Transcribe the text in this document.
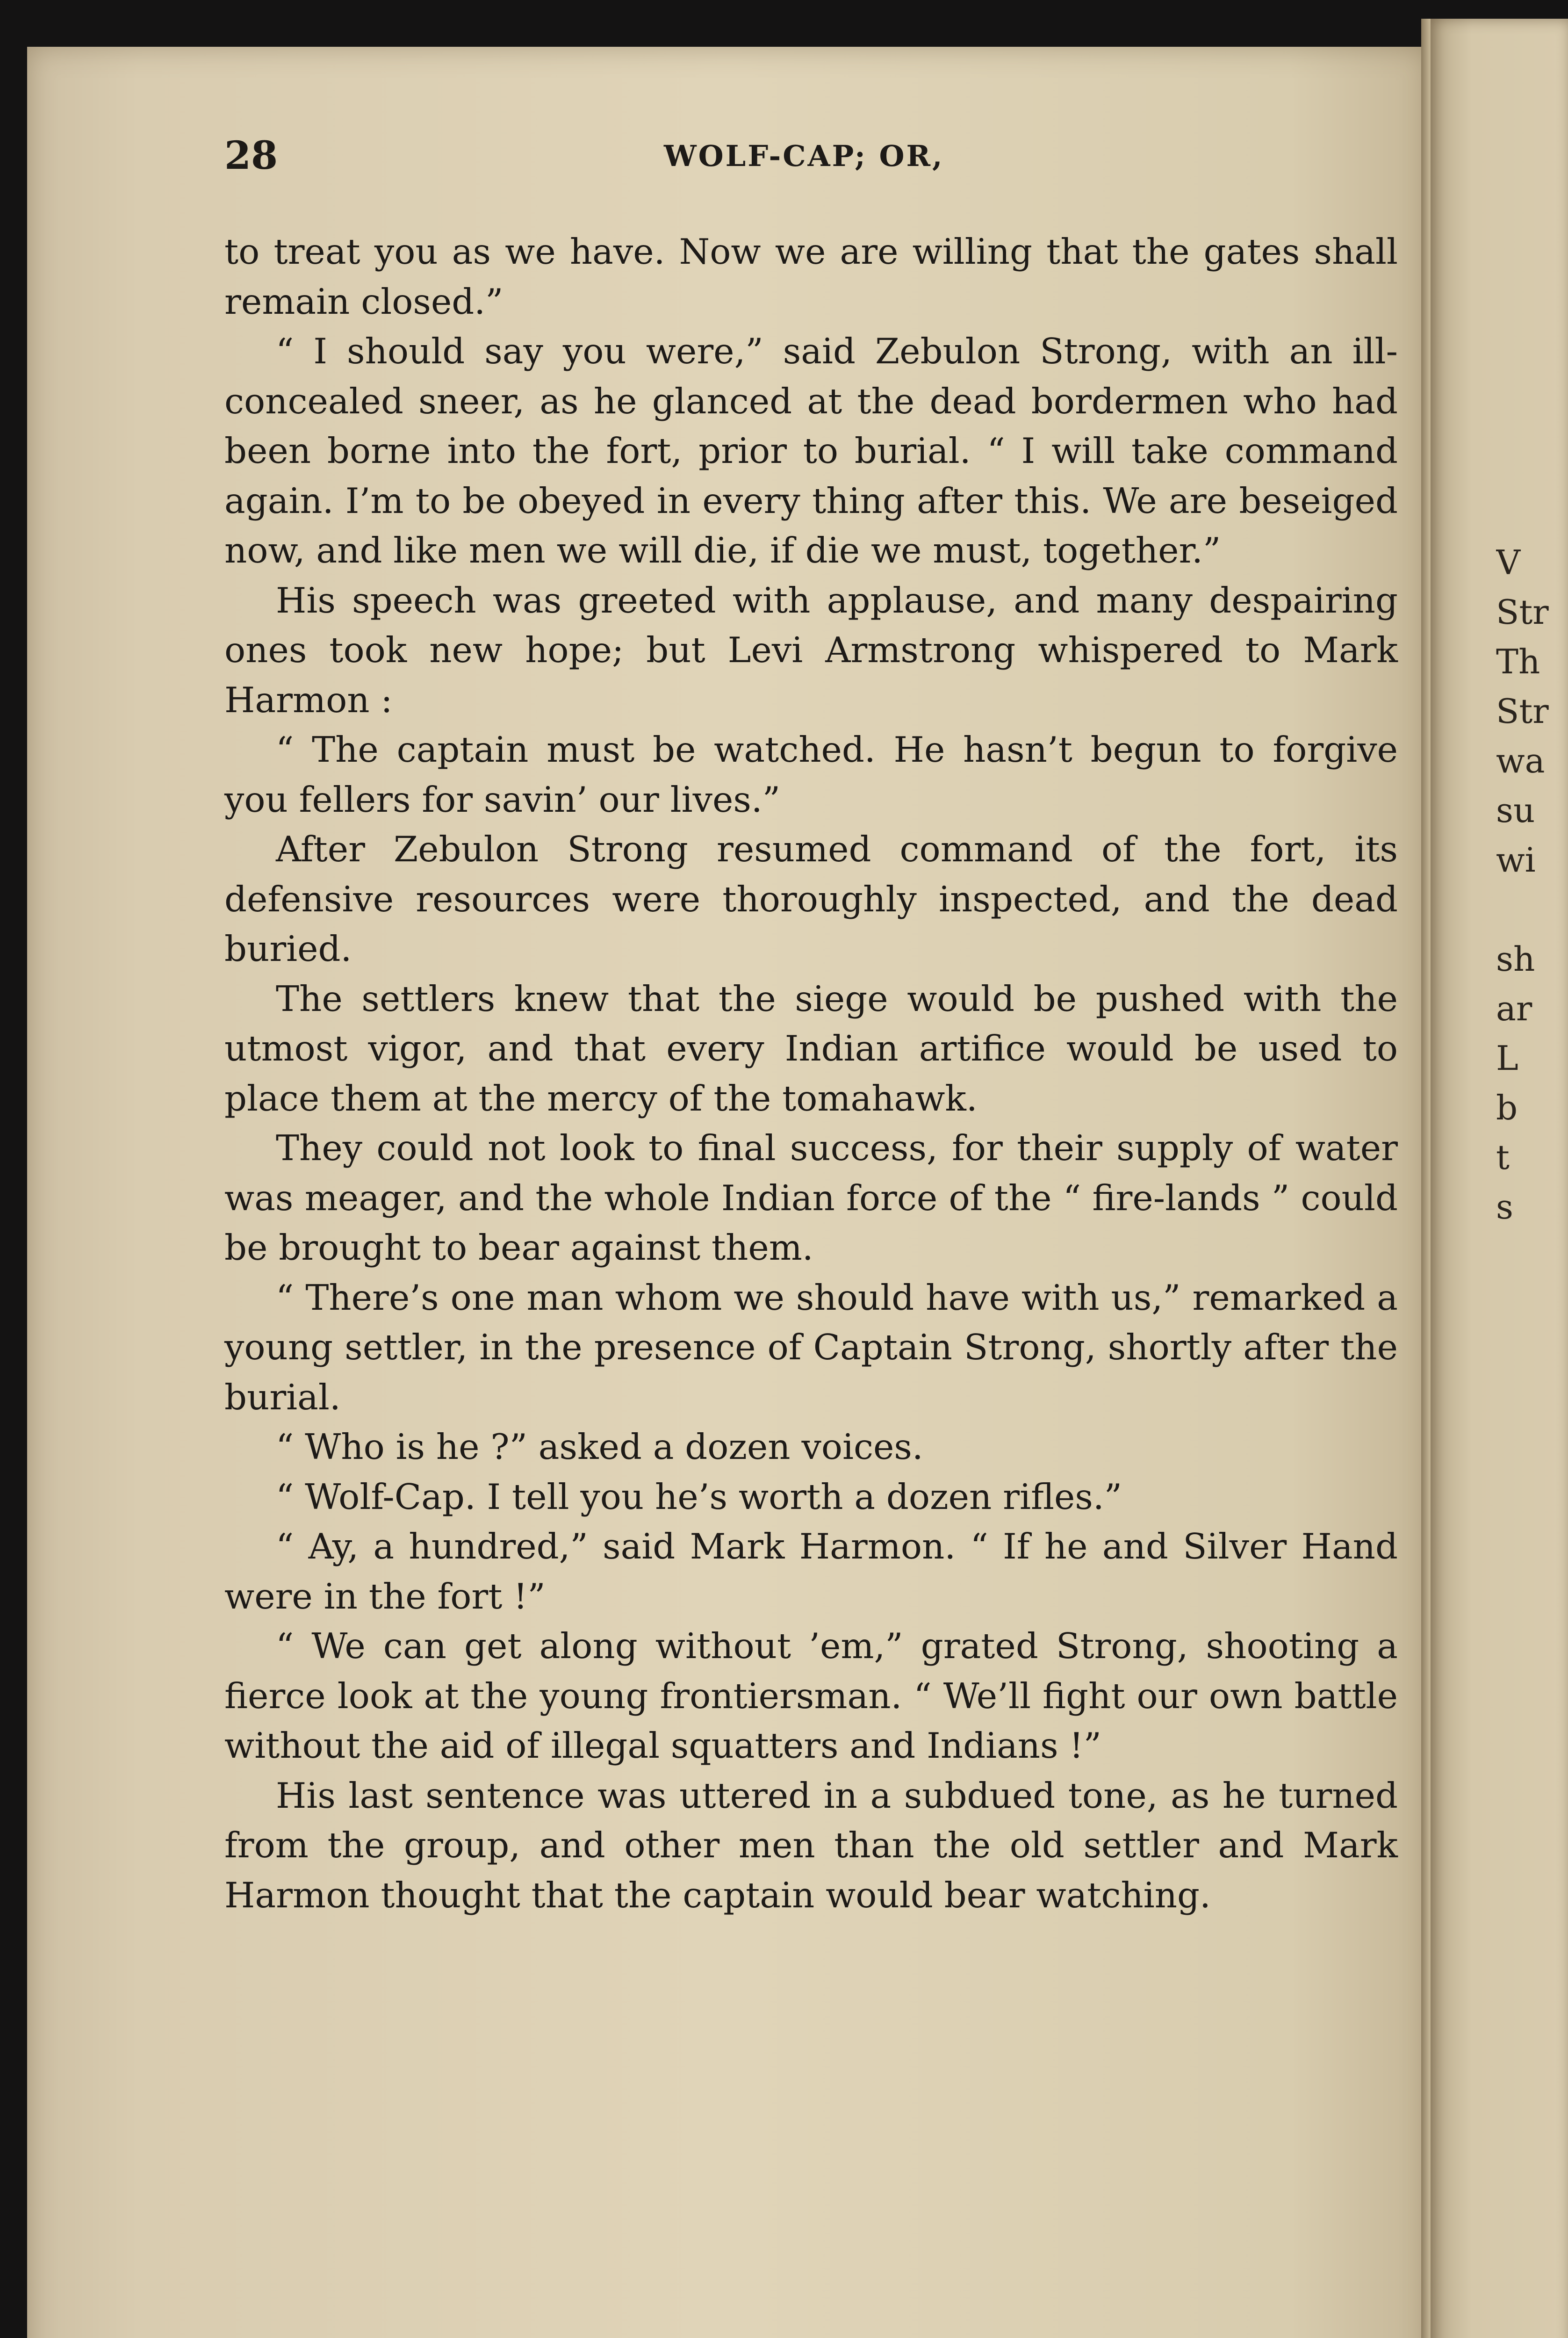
28	WOLF-CAP; OR,

to treat you as we have. Now we are willing that the gates shall remain closed.”

“ I should say you were,” said Zebulon Strong, with an ill-concealed sneer, as he glanced at the dead bordermen who had been borne into the fort, prior to burial. “ I will take command again. I’m to be obeyed in every thing after this. We are beseiged now, and like men we will die, if die we must, together.”

His speech was greeted with applause, and many despairing ones took new hope; but Levi Armstrong whispered to Mark Harmon :

“ The captain must be watched. He hasn’t begun to forgive you fellers for savin’ our lives.”

After Zebulon Strong resumed command of the fort, its defensive resources were thoroughly inspected, and the dead buried.

The settlers knew that the siege would be pushed with the utmost vigor, and that every Indian artifice would be used to place them at the mercy of the tomahawk.

They could not look to final success, for their supply of water was meager, and the whole Indian force of the “ fire-lands ” could be brought to bear against them.

“ There’s one man whom we should have with us,” remarked a young settler, in the presence of Captain Strong, shortly after the burial.

“ Who is he ?” asked a dozen voices.

“ Wolf-Cap. I tell you he’s worth a dozen rifles.”

“ Ay, a hundred,” said Mark Harmon. “ If he and Silver Hand were in the fort !”

“ We can get along without ’em,” grated Strong, shooting a fierce look at the young frontiersman. “ We’ll fight our own battle without the aid of illegal squatters and Indians !”

His last sentence was uttered in a subdued tone, as he turned from the group, and other men than the old settler and Mark Harmon thought that the captain would bear watching.

V
Str
Th
Str
wa
su
wi

sh
ar
L
b
t
s
